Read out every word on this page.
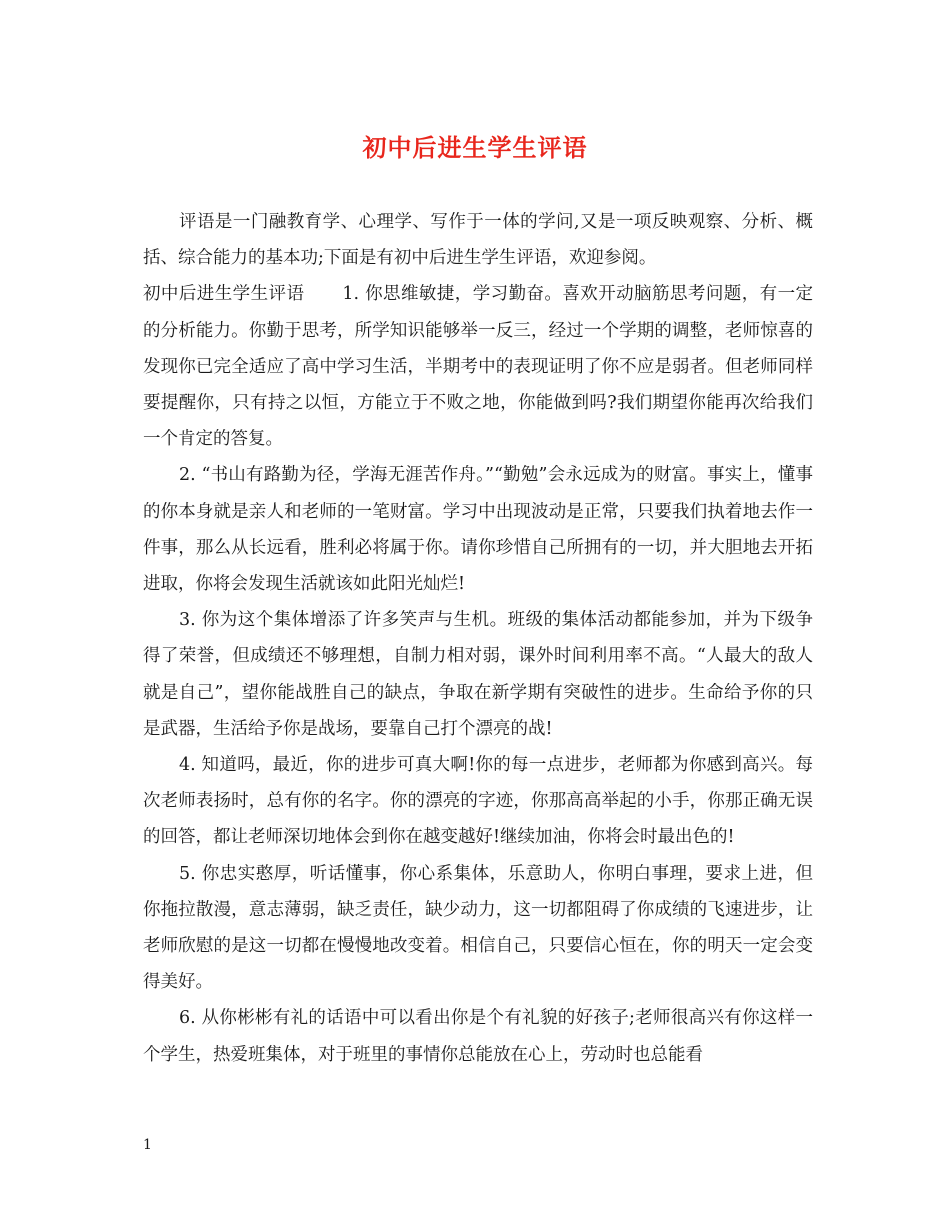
初中后进生学生评语

评语是一门融教育学、心理学、写作于一体的学问,又是一项反映观察、分析、概括、综合能力的基本功;下面是有初中后进生学生评语，欢迎参阅。

初中后进生学生评语 1. 你思维敏捷，学习勤奋。喜欢开动脑筋思考问题，有一定的分析能力。你勤于思考，所学知识能够举一反三，经过一个学期的调整，老师惊喜的发现你已完全适应了高中学习生活，半期考中的表现证明了你不应是弱者。但老师同样要提醒你，只有持之以恒，方能立于不败之地，你能做到吗?我们期望你能再次给我们一个肯定的答复。

2. “书山有路勤为径，学海无涯苦作舟。”“勤勉”会永远成为的财富。事实上，懂事的你本身就是亲人和老师的一笔财富。学习中出现波动是正常，只要我们执着地去作一件事，那么从长远看，胜利必将属于你。请你珍惜自己所拥有的一切，并大胆地去开拓进取，你将会发现生活就该如此阳光灿烂!

3. 你为这个集体增添了许多笑声与生机。班级的集体活动都能参加，并为下级争得了荣誉，但成绩还不够理想，自制力相对弱，课外时间利用率不高。“人最大的敌人就是自己”，望你能战胜自己的缺点，争取在新学期有突破性的进步。生命给予你的只是武器，生活给予你是战场，要靠自己打个漂亮的战!

4. 知道吗，最近，你的进步可真大啊!你的每一点进步，老师都为你感到高兴。每次老师表扬时，总有你的名字。你的漂亮的字迹，你那高高举起的小手，你那正确无误的回答，都让老师深切地体会到你在越变越好!继续加油，你将会时最出色的!

5. 你忠实憨厚，听话懂事，你心系集体，乐意助人，你明白事理，要求上进，但你拖拉散漫，意志薄弱，缺乏责任，缺少动力，这一切都阻碍了你成绩的飞速进步，让老师欣慰的是这一切都在慢慢地改变着。相信自己，只要信心恒在，你的明天一定会变得美好。

6. 从你彬彬有礼的话语中可以看出你是个有礼貌的好孩子;老师很高兴有你这样一个学生，热爱班集体，对于班里的事情你总能放在心上，劳动时也总能看

1
